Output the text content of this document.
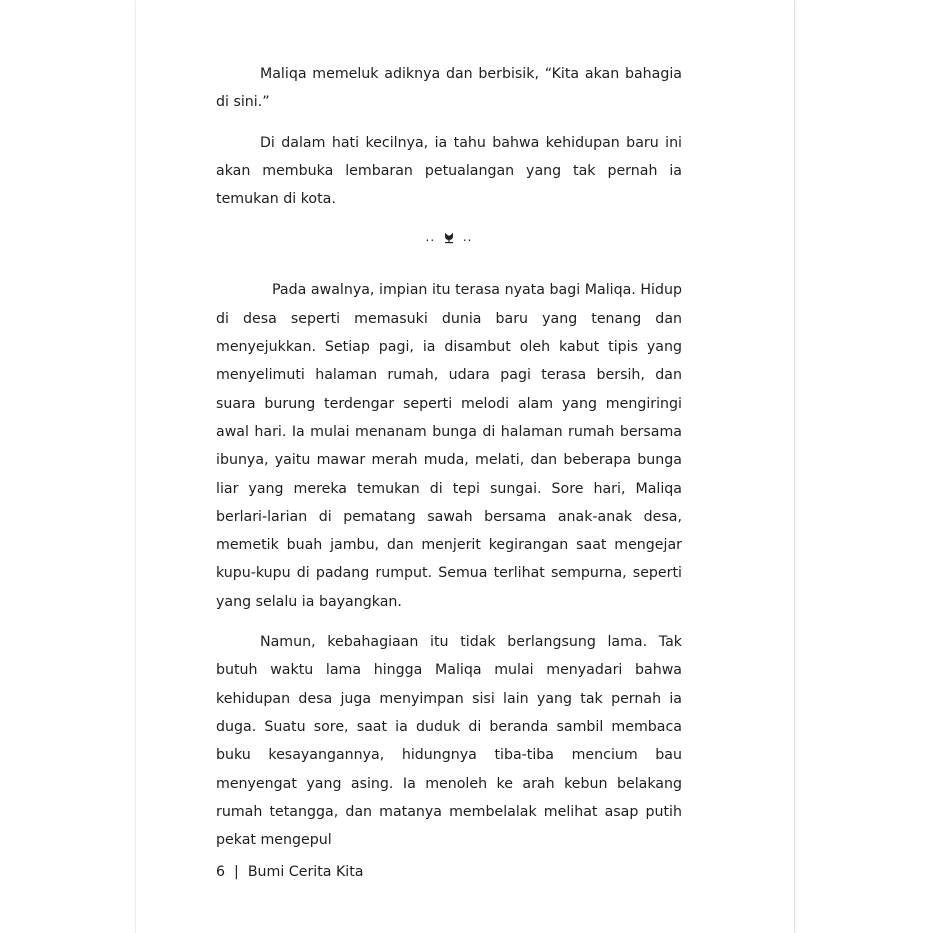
Maliqa memeluk adiknya dan berbisik, “Kita akan bahagia di sini.”

Di dalam hati kecilnya, ia tahu bahwa kehidupan baru ini akan membuka lembaran petualangan yang tak pernah ia temukan di kota.

.. ..

Pada awalnya, impian itu terasa nyata bagi Maliqa. Hidup di desa seperti memasuki dunia baru yang tenang dan menyejukkan. Setiap pagi, ia disambut oleh kabut tipis yang menyelimuti halaman rumah, udara pagi terasa bersih, dan suara burung terdengar seperti melodi alam yang mengiringi awal hari. Ia mulai menanam bunga di halaman rumah bersama ibunya, yaitu mawar merah muda, melati, dan beberapa bunga liar yang mereka temukan di tepi sungai. Sore hari, Maliqa berlari-larian di pematang sawah bersama anak-anak desa, memetik buah jambu, dan menjerit kegirangan saat mengejar kupu-kupu di padang rumput. Semua terlihat sempurna, seperti yang selalu ia bayangkan.

Namun, kebahagiaan itu tidak berlangsung lama. Tak butuh waktu lama hingga Maliqa mulai menyadari bahwa kehidupan desa juga menyimpan sisi lain yang tak pernah ia duga. Suatu sore, saat ia duduk di beranda sambil membaca buku kesayangannya, hidungnya tiba-tiba mencium bau menyengat yang asing. Ia menoleh ke arah kebun belakang rumah tetangga, dan matanya membelalak melihat asap putih pekat mengepul

6 | Bumi Cerita Kita
